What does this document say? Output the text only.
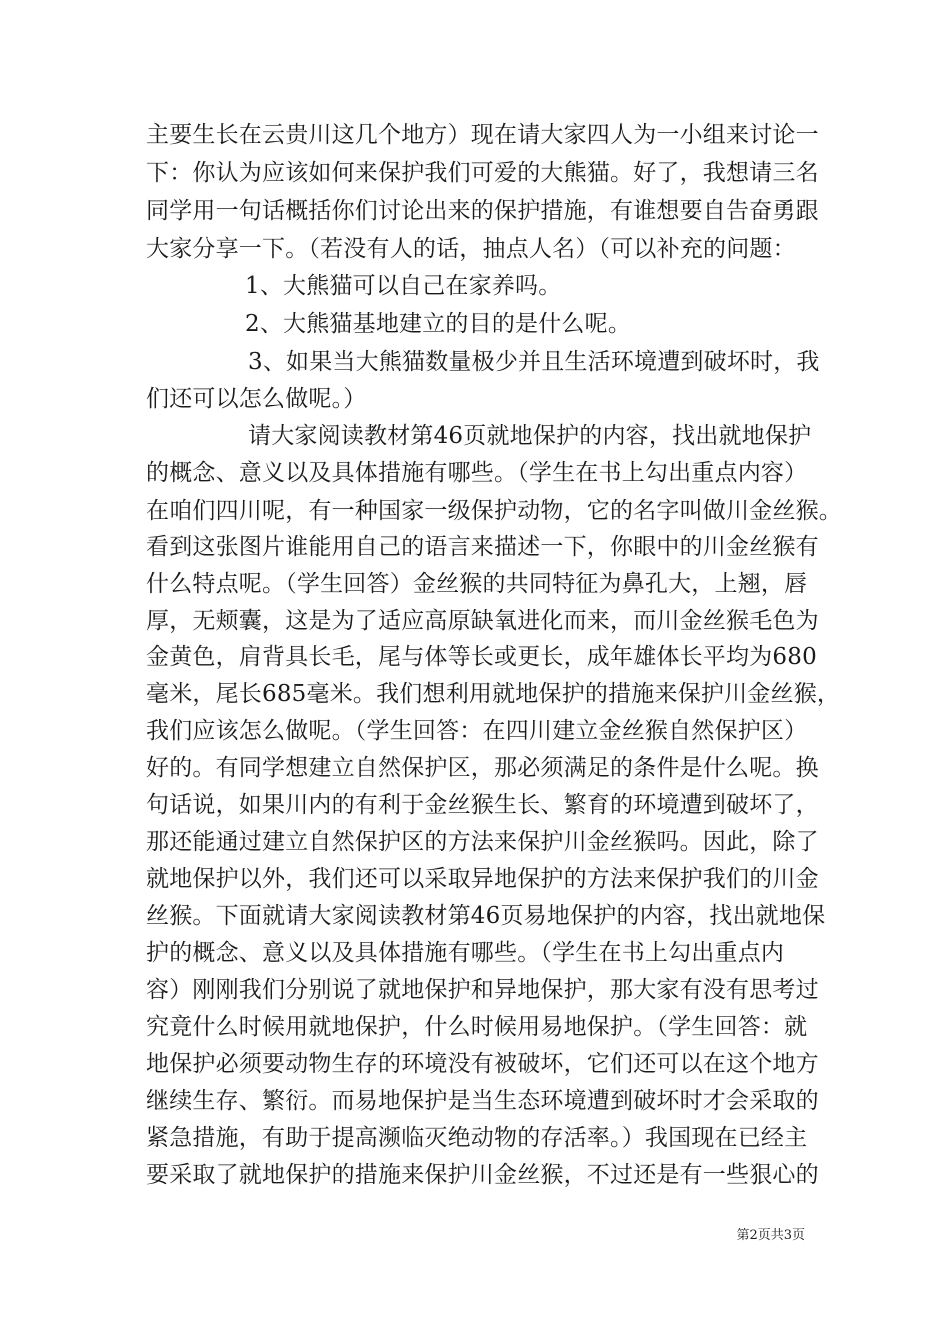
主要生长在云贵川这几个地方）现在请大家四人为一小组来讨论一
下：你认为应该如何来保护我们可爱的大熊猫。好了，我想请三名
同学用一句话概括你们讨论出来的保护措施，有谁想要自告奋勇跟
大家分享一下。（若没有人的话，抽点人名）（可以补充的问题：
1、大熊猫可以自己在家养吗。
2、大熊猫基地建立的目的是什么呢。
3、如果当大熊猫数量极少并且生活环境遭到破坏时，我
们还可以怎么做呢。）
请大家阅读教材第46页就地保护的内容，找出就地保护
的概念、意义以及具体措施有哪些。（学生在书上勾出重点内容）
在咱们四川呢，有一种国家一级保护动物，它的名字叫做川金丝猴。
看到这张图片谁能用自己的语言来描述一下，你眼中的川金丝猴有
什么特点呢。（学生回答）金丝猴的共同特征为鼻孔大，上翘，唇
厚，无颊囊，这是为了适应高原缺氧进化而来，而川金丝猴毛色为
金黄色，肩背具长毛，尾与体等长或更长，成年雄体长平均为680
毫米，尾长685毫米。我们想利用就地保护的措施来保护川金丝猴，
我们应该怎么做呢。（学生回答：在四川建立金丝猴自然保护区）
好的。有同学想建立自然保护区，那必须满足的条件是什么呢。换
句话说，如果川内的有利于金丝猴生长、繁育的环境遭到破坏了，
那还能通过建立自然保护区的方法来保护川金丝猴吗。因此，除了
就地保护以外，我们还可以采取异地保护的方法来保护我们的川金
丝猴。下面就请大家阅读教材第46页易地保护的内容，找出就地保
护的概念、意义以及具体措施有哪些。（学生在书上勾出重点内
容）刚刚我们分别说了就地保护和异地保护，那大家有没有思考过
究竟什么时候用就地保护，什么时候用易地保护。（学生回答：就
地保护必须要动物生存的环境没有被破坏，它们还可以在这个地方
继续生存、繁衍。而易地保护是当生态环境遭到破坏时才会采取的
紧急措施，有助于提高濒临灭绝动物的存活率。）我国现在已经主
要采取了就地保护的措施来保护川金丝猴，不过还是有一些狠心的
第2页共3页
